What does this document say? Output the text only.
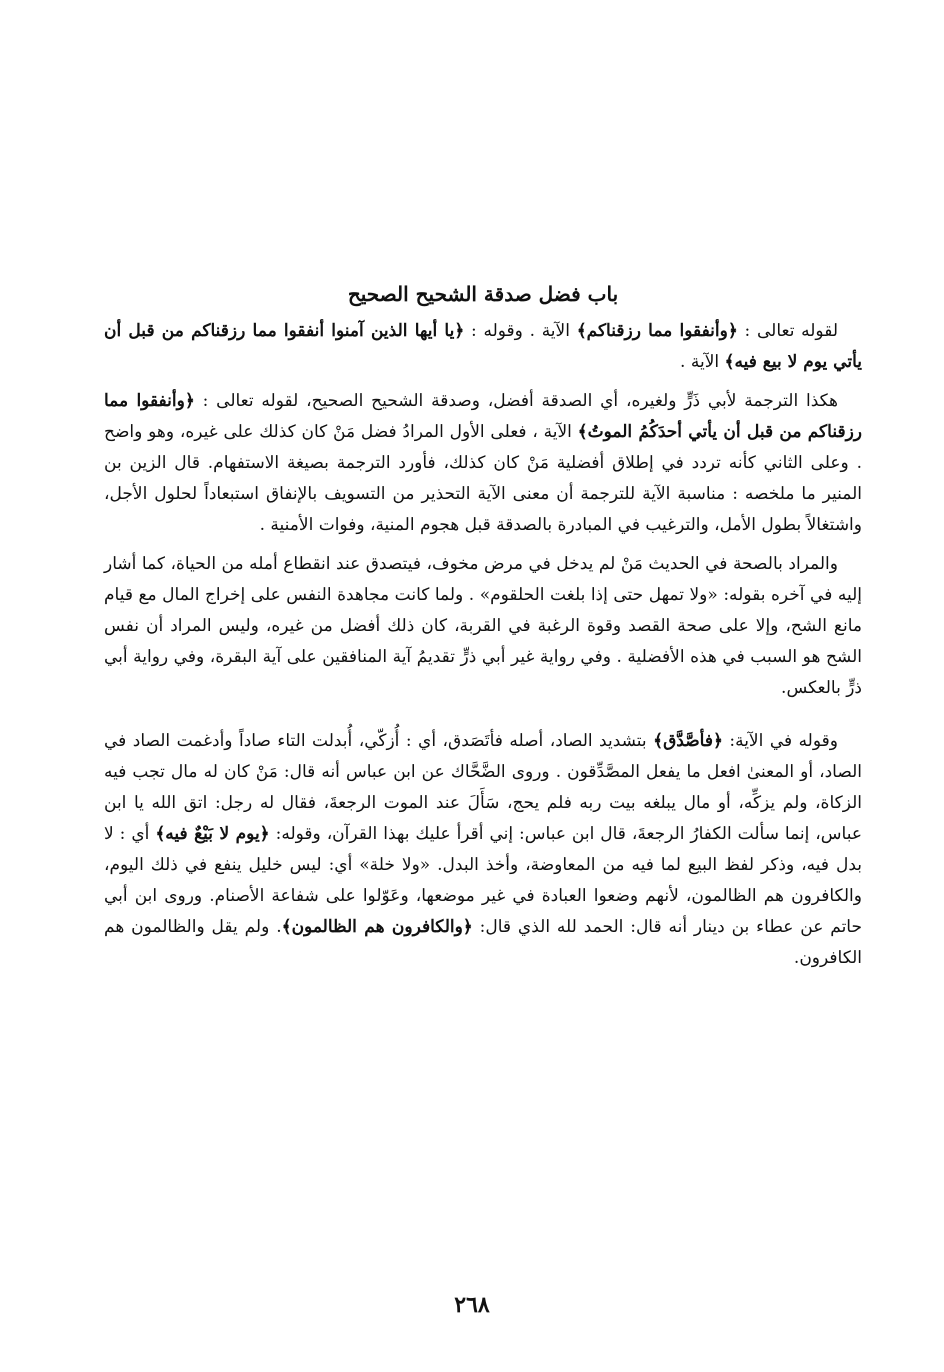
باب فضل صدقة الشحيح الصحيح

لقوله تعالى : ﴿وأنفقوا مما رزقناكم﴾ الآية . وقوله : ﴿يا أيها الذين آمنوا أنفقوا مما رزقناكم من قبل أن يأتي يوم لا بيع فيه﴾ الآية .

هكذا الترجمة لأبي ذَرٍّ ولغيره، أي الصدقة أفضل، وصدقة الشحيح الصحيح، لقوله تعالى : ﴿وأنفقوا مما رزقناكم من قبل أن يأتي أحدَكُمُ الموتُ﴾ الآية ، فعلى الأول المرادُ فضل مَنْ كان كذلك على غيره، وهو واضح . وعلى الثاني كأنه تردد في إطلاق أفضلية مَنْ كان كذلك، فأورد الترجمة بصيغة الاستفهام. قال الزين بن المنير ما ملخصه : مناسبة الآية للترجمة أن معنى الآية التحذير من التسويف بالإنفاق استبعاداً لحلول الأجل، واشتغالاً بطول الأمل، والترغيب في المبادرة بالصدقة قبل هجوم المنية، وفوات الأمنية .

والمراد بالصحة في الحديث مَنْ لم يدخل في مرض مخوف، فيتصدق عند انقطاع أمله من الحياة، كما أشار إليه في آخره بقوله: «ولا تمهل حتى إذا بلغت الحلقوم» . ولما كانت مجاهدة النفس على إخراج المال مع قيام مانع الشح، وإلا على صحة القصد وقوة الرغبة في القربة، كان ذلك أفضل من غيره، وليس المراد أن نفس الشح هو السبب في هذه الأفضلية . وفي رواية غير أبي ذرٍّ تقديمُ آية المنافقين على آية البقرة، وفي رواية أبي ذرٍّ بالعكس.

وقوله في الآية: ﴿فأصَّدَّق﴾ بتشديد الصاد، أصله فأتَصَدق، أي : أُزكّي، أُبدلت التاء صاداً وأدغمت الصاد في الصاد، أو المعنىٰ افعل ما يفعل المصَّدِّقون . وروى الضَّحَّاك عن ابن عباس أنه قال: مَنْ كان له مال تجب فيه الزكاة، ولم يزكِّه، أو مال يبلغه بيت ربه فلم يحج، سَأَلَ عند الموت الرجعةَ، فقال له رجل: اتق الله يا ابن عباس، إنما سألت الكفارُ الرجعةَ، قال ابن عباس: إني أقرأ عليك بهذا القرآن، وقوله: ﴿يوم لا بَيْعٌ فيه﴾ أي : لا بدل فيه، وذكر لفظ البيع لما فيه من المعاوضة، وأخذ البدل. «ولا خلة» أي: ليس خليل ينفع في ذلك اليوم، والكافرون هم الظالمون، لأنهم وضعوا العبادة في غير موضعها، وعَوّلوا على شفاعة الأصنام. وروى ابن أبي حاتم عن عطاء بن دينار أنه قال: الحمد لله الذي قال: ﴿والكافرون هم الظالمون﴾. ولم يقل والظالمون هم الكافرون.

٢٦٨
